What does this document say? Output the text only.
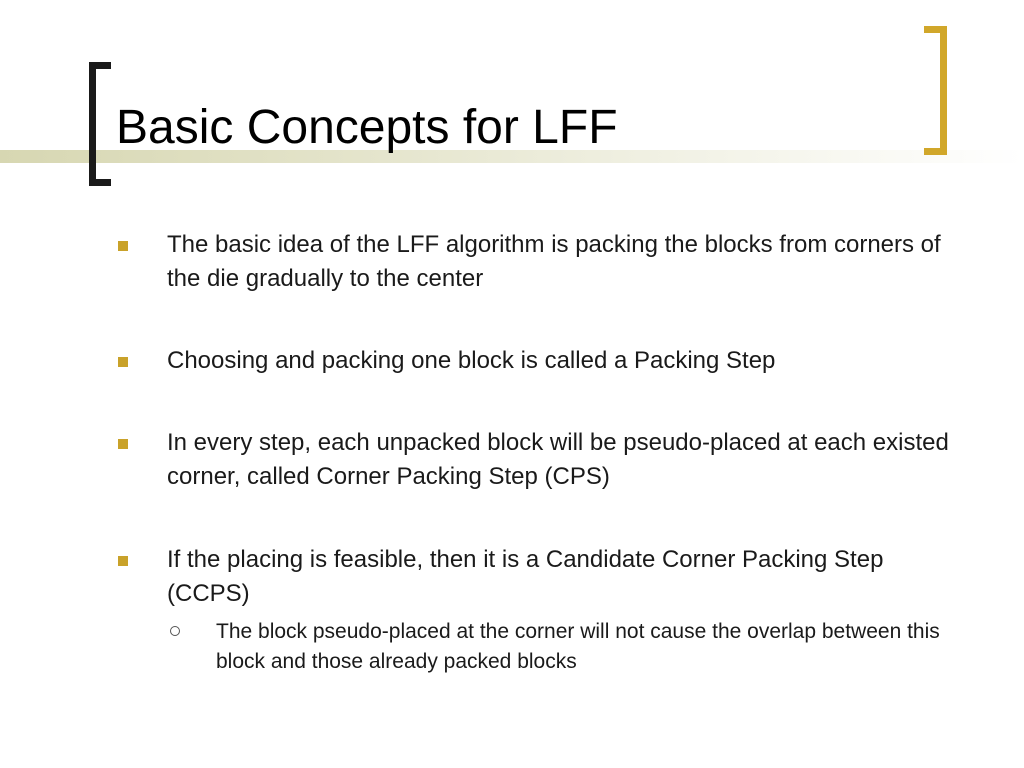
Basic Concepts for LFF
The basic idea of the LFF algorithm is packing the blocks from corners of the die gradually to the center
Choosing and packing one block is called a Packing Step
In every step, each unpacked block will be pseudo-placed at each existed corner, called Corner Packing Step (CPS)
If the placing is feasible, then it is a Candidate Corner Packing Step (CCPS)
The block pseudo-placed at the corner will not cause the overlap between this block and those already packed blocks
